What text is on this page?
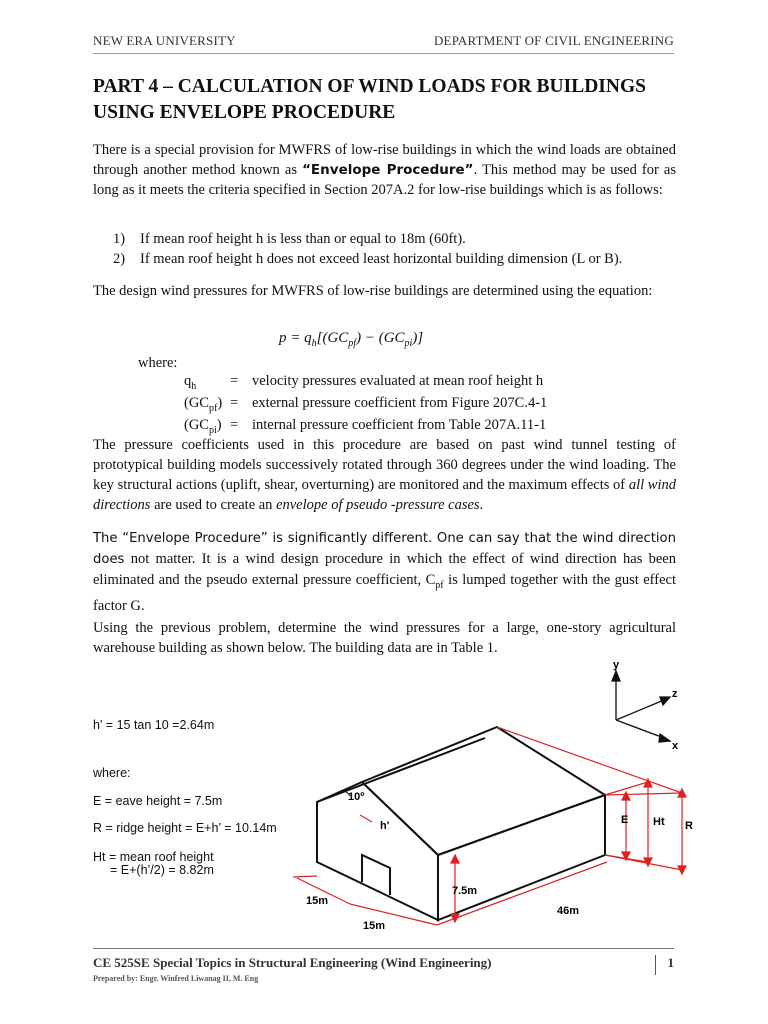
NEW ERA UNIVERSITY	DEPARTMENT OF CIVIL ENGINEERING
PART 4 – CALCULATION OF WIND LOADS FOR BUILDINGS
USING ENVELOPE PROCEDURE

There is a special provision for MWFRS of low-rise buildings in which the wind loads are obtained through another method known as “Envelope Procedure”. This method may be used for as long as it meets the criteria specified in Section 207A.2 for low-rise buildings which is as follows:

1) If mean roof height h is less than or equal to 18m (60ft).
2) If mean roof height h does not exceed least horizontal building dimension (L or B).

The design wind pressures for MWFRS of low-rise buildings are determined using the equation:

$p = q_h[(GC_{pf}) - (GC_{pi})]$
where:
$q_h$	=	velocity pressures evaluated at mean roof height h
$(GC_{pf})$	=	external pressure coefficient from Figure 207C.4-1
$(GC_{pi})$	=	internal pressure coefficient from Table 207A.11-1

The pressure coefficients used in this procedure are based on past wind tunnel testing of prototypical building models successively rotated through 360 degrees under the wind loading. The key structural actions (uplift, shear, overturning) are monitored and the maximum effects of all wind directions are used to create an envelope of pseudo -pressure cases.

The “Envelope Procedure” is significantly different. One can say that the wind direction does not matter. It is a wind design procedure in which the effect of wind direction has been eliminated and the pseudo external pressure coefficient, $C_{pf}$ is lumped together with the gust effect factor G.

Using the previous problem, determine the wind pressures for a large, one-story agricultural warehouse building as shown below. The building data are in Table 1.

h' = 15 tan 10 =2.64m
where:
E = eave height = 7.5m
R = ridge height = E+h’ = 10.14m
Ht = mean roof height
= E+(h’/2) = 8.82m
y
z
x
10º
h'	E Ht R
7.5m
15m
15m
46m
CE 525SE Special Topics in Structural Engineering (Wind Engineering)
Prepared by: Engr. Winfred Liwanag II, M. Eng
1
